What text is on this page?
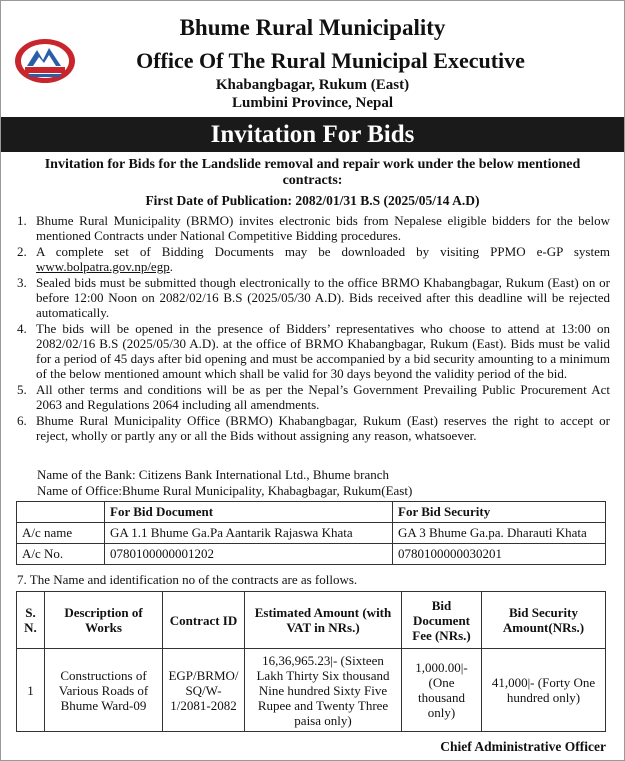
Bhume Rural Municipality
Office Of The Rural Municipal Executive
Khabangbagar, Rukum (East)
Lumbini Province, Nepal
Invitation For Bids
Invitation for Bids for the Landslide removal and repair work under the below mentioned contracts:
First Date of Publication: 2082/01/31 B.S (2025/05/14 A.D)
1. Bhume Rural Municipality (BRMO) invites electronic bids from Nepalese eligible bidders for the below mentioned Contracts under National Competitive Bidding procedures.
2. A complete set of Bidding Documents may be downloaded by visiting PPMO e-GP system www.bolpatra.gov.np/egp.
3. Sealed bids must be submitted though electronically to the office BRMO Khabangbagar, Rukum (East) on or before 12:00 Noon on 2082/02/16 B.S (2025/05/30 A.D). Bids received after this deadline will be rejected automatically.
4. The bids will be opened in the presence of Bidders’ representatives who choose to attend at 13:00 on 2082/02/16 B.S (2025/05/30 A.D). at the office of BRMO Khabangbagar, Rukum (East). Bids must be valid for a period of 45 days after bid opening and must be accompanied by a bid security amounting to a minimum of the below mentioned amount which shall be valid for 30 days beyond the validity period of the bid.
5. All other terms and conditions will be as per the Nepal’s Government Prevailing Public Procurement Act 2063 and Regulations 2064 including all amendments.
6. Bhume Rural Municipality Office (BRMO) Khabangbagar, Rukum (East) reserves the right to accept or reject, wholly or partly any or all the Bids without assigning any reason, whatsoever.
Name of the Bank: Citizens Bank International Ltd., Bhume branch
Name of Office:Bhume Rural Municipality, Khabagbagar, Rukum(East)
	For Bid Document	For Bid Security
A/c name	GA 1.1 Bhume Ga.Pa Aantarik Rajaswa Khata	GA 3 Bhume Ga.pa. Dharauti Khata
A/c No.	0780100000001202	0780100000030201
7. The Name and identification no of the contracts are as follows.
S. N.	Description of Works	Contract ID	Estimated Amount (with VAT in NRs.)	Bid Document Fee (NRs.)	Bid Security Amount(NRs.)
1	Constructions of Various Roads of Bhume Ward-09	EGP/BRMO/ SQ/W-1/2081-2082	16,36,965.23|- (Sixteen Lakh Thirty Six thousand Nine hundred Sixty Five Rupee and Twenty Three paisa only)	1,000.00|- (One thousand only)	41,000|- (Forty One hundred only)
Chief Administrative Officer
